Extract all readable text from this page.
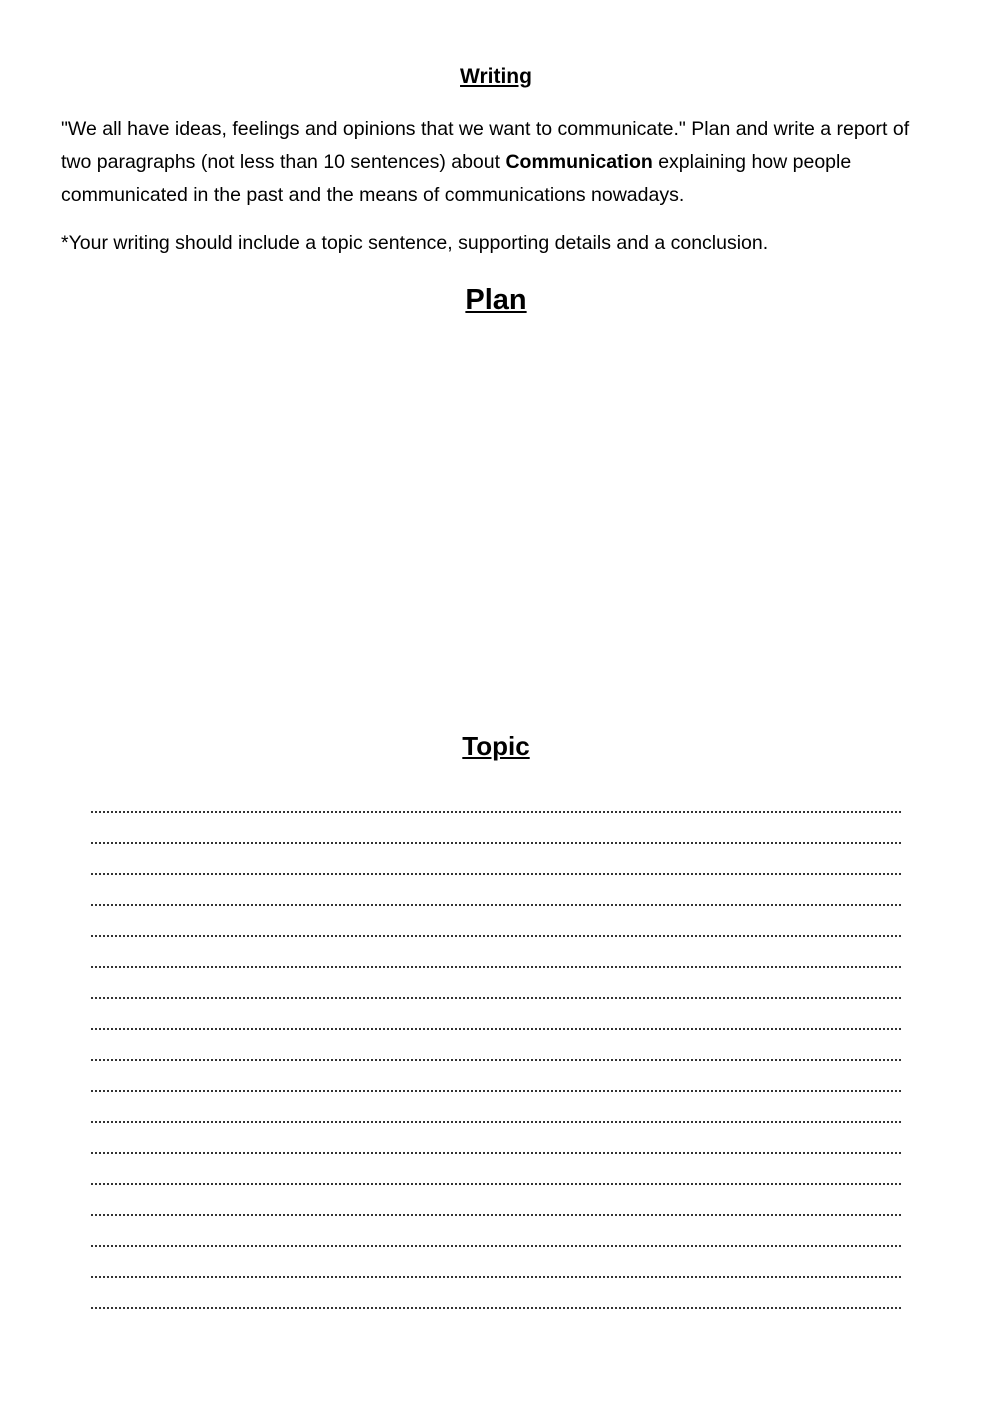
Writing

"We all have ideas, feelings and opinions that we want to communicate." Plan and write a report of two paragraphs (not less than 10 sentences) about Communication explaining how people communicated in the past and the means of communications nowadays.

*Your writing should include a topic sentence, supporting details and a conclusion.

Plan
Topic
